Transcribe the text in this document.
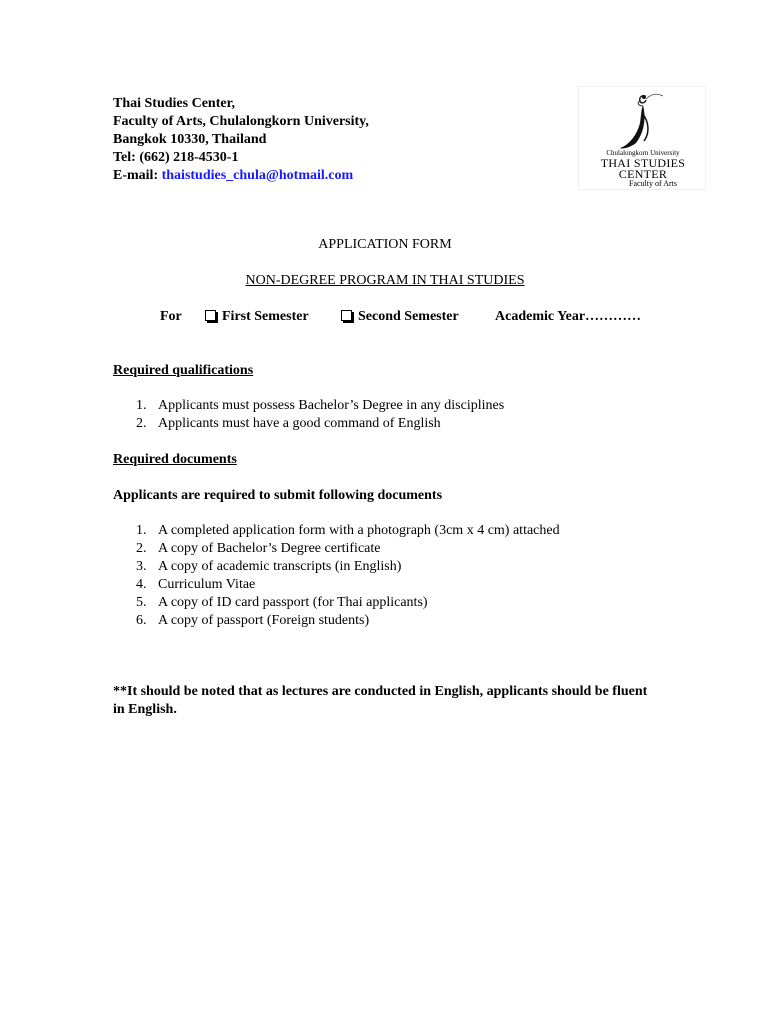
Thai Studies Center,
Faculty of Arts, Chulalongkorn University,
Bangkok 10330, Thailand
Tel: (662) 218-4530-1
E-mail: thaistudies_chula@hotmail.com
Chulalongkorn University
THAI STUDIES
CENTER
Faculty of Arts
APPLICATION FORM
NON-DEGREE PROGRAM IN THAI STUDIES
For	First Semester	Second Semester	Academic Year…………
Required qualifications
1. Applicants must possess Bachelor’s Degree in any disciplines
2. Applicants must have a good command of English
Required documents
Applicants are required to submit following documents
1. A completed application form with a photograph (3cm x 4 cm) attached
2. A copy of Bachelor’s Degree certificate
3. A copy of academic transcripts (in English)
4. Curriculum Vitae
5. A copy of ID card passport (for Thai applicants)
6. A copy of passport (Foreign students)
**It should be noted that as lectures are conducted in English, applicants should be fluent in English.
